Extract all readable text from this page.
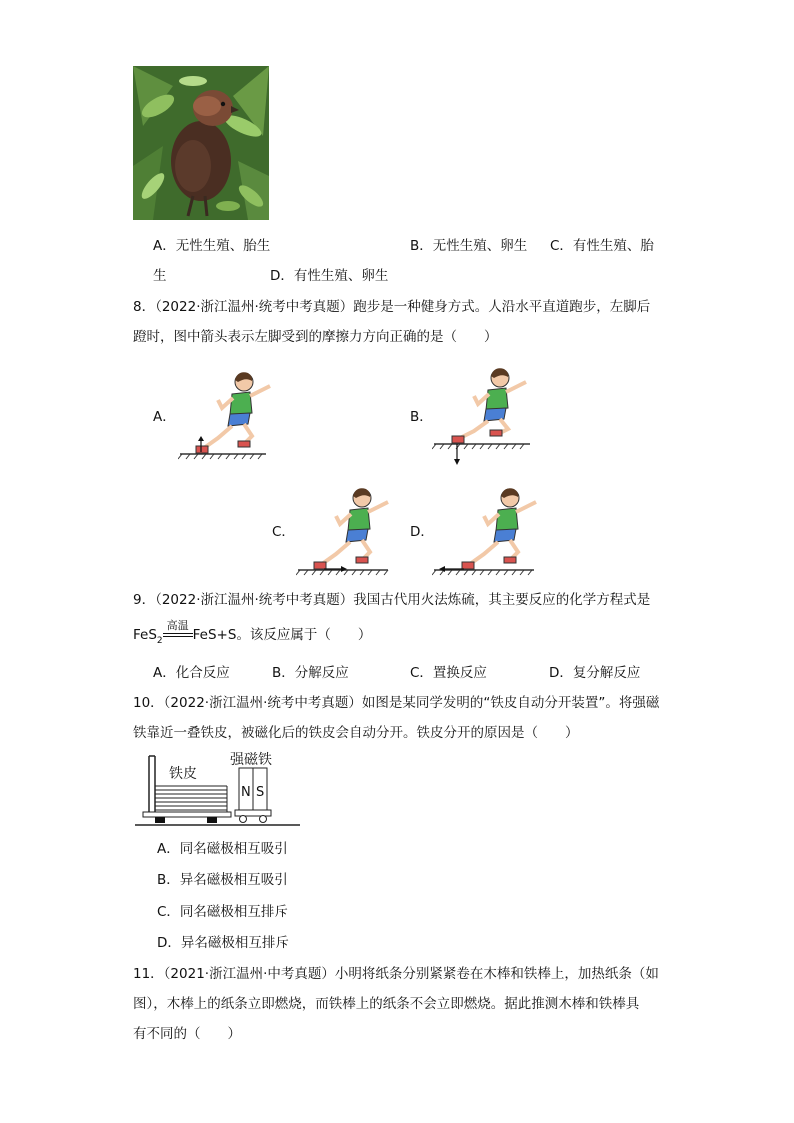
A．无性生殖、胎生	B．无性生殖、卵生 C．有性生殖、胎
生	D．有性生殖、卵生
8．（2022·浙江温州·统考中考真题）跑步是一种健身方式。人沿水平直道跑步，左脚后
蹬时，图中箭头表示左脚受到的摩擦力方向正确的是（　　）
A．	B．
C．	D．
9．（2022·浙江温州·统考中考真题）我国古代用火法炼硫，其主要反应的化学方程式是
FeS$_2$
高温
FeS+S。该反应属于（　　）
A．化合反应	B．分解反应	C．置换反应	D．复分解反应
10．（2022·浙江温州·统考中考真题）如图是某同学发明的“铁皮自动分开装置”。将强磁
铁靠近一叠铁皮，被磁化后的铁皮会自动分开。铁皮分开的原因是（　　）
铁皮
强磁铁
N S
A．同名磁极相互吸引
B．异名磁极相互吸引
C．同名磁极相互排斥
D．异名磁极相互排斥
11．（2021·浙江温州·中考真题）小明将纸条分别紧紧卷在木棒和铁棒上，加热纸条（如
图），木棒上的纸条立即燃烧，而铁棒上的纸条不会立即燃烧。据此推测木棒和铁棒具
有不同的（　　）
